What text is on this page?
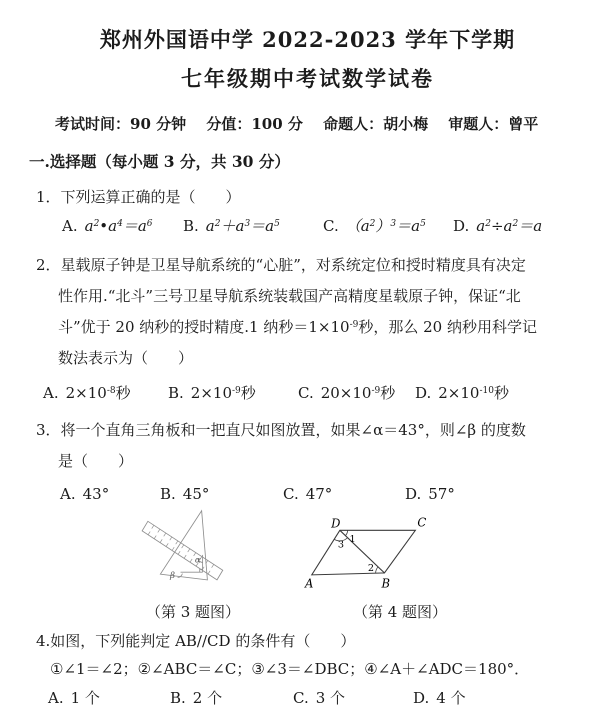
郑州外国语中学 2022-2023 学年下学期
七年级期中考试数学试卷
考试时间：90 分钟　 分值：100 分　 命题人：胡小梅　 审题人：曾平
一.选择题（每小题 3 分，共 30 分）
1．下列运算正确的是（　　）
A. $a^2•a^4=a^6$ B. $a^2+a^3=a^5$	C. $(a^2)^3=a^5$ D. $a^2\div a^2=a$
2．星载原子钟是卫星导航系统的“心脏”，对系统定位和授时精度具有决定
性作用.“北斗”三号卫星导航系统装载国产高精度星载原子钟，保证“北
斗”优于 20 纳秒的授时精度.1 纳秒$=1\times 10^{-9}$秒，那么 20 纳秒用科学记
数法表示为（　　）
A. $2\times 10^{-8}$秒 B. $2\times 10^{-9}$秒	C. $20\times 10^{-9}$秒 D. $2\times 10^{-10}$秒
3．将一个直角三角板和一把直尺如图放置，如果∠α＝43°，则∠β 的度数
是（　　）
A. 43°	B. 45°	C. 47°	D. 57°
α
β
D	C
A	B
1
3
2
（第 3 题图）	（第 4 题图）
4.如图，下列能判定 AB//CD 的条件有（　　）
①∠1＝∠2；②∠ABC＝∠C；③∠3＝∠DBC；④∠A＋∠ADC＝180°．
A. 1 个	B. 2 个	C. 3 个	D. 4 个
